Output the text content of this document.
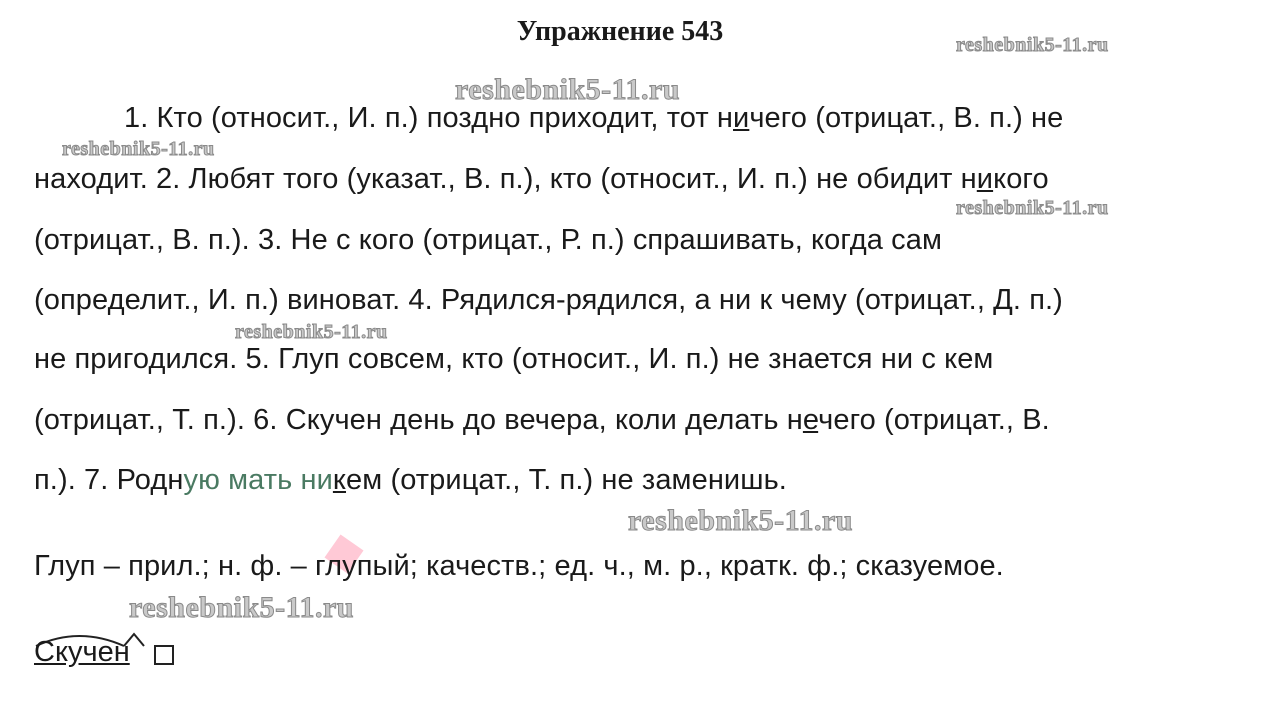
Упражнение 543	reshebnik5-11.ru
reshebnik5-11.ru
reshebnik5-11.ru
reshebnik5-11.ru
reshebnik5-11.ru
reshebnik5-11.ru
reshebnik5-11.ru
1. Кто (относит., И. п.) поздно приходит, тот ничего (отрицат., В. п.) не
находит. 2. Любят того (указат., В. п.), кто (относит., И. п.) не обидит никого
(отрицат., В. п.). 3. Не с кого (отрицат., Р. п.) спрашивать, когда сам
(определит., И. п.) виноват. 4. Рядился-рядился, а ни к чему (отрицат., Д. п.)
не пригодился. 5. Глуп совсем, кто (относит., И. п.) не знается ни с кем
(отрицат., Т. п.). 6. Скучен день до вечера, коли делать нечего (отрицат., В.
п.). 7. Родную мать никем (отрицат., Т. п.) не заменишь.
Глуп – прил.; н. ф. – глупый; качеств.; ед. ч., м. р., кратк. ф.; сказуемое.
Скучен
